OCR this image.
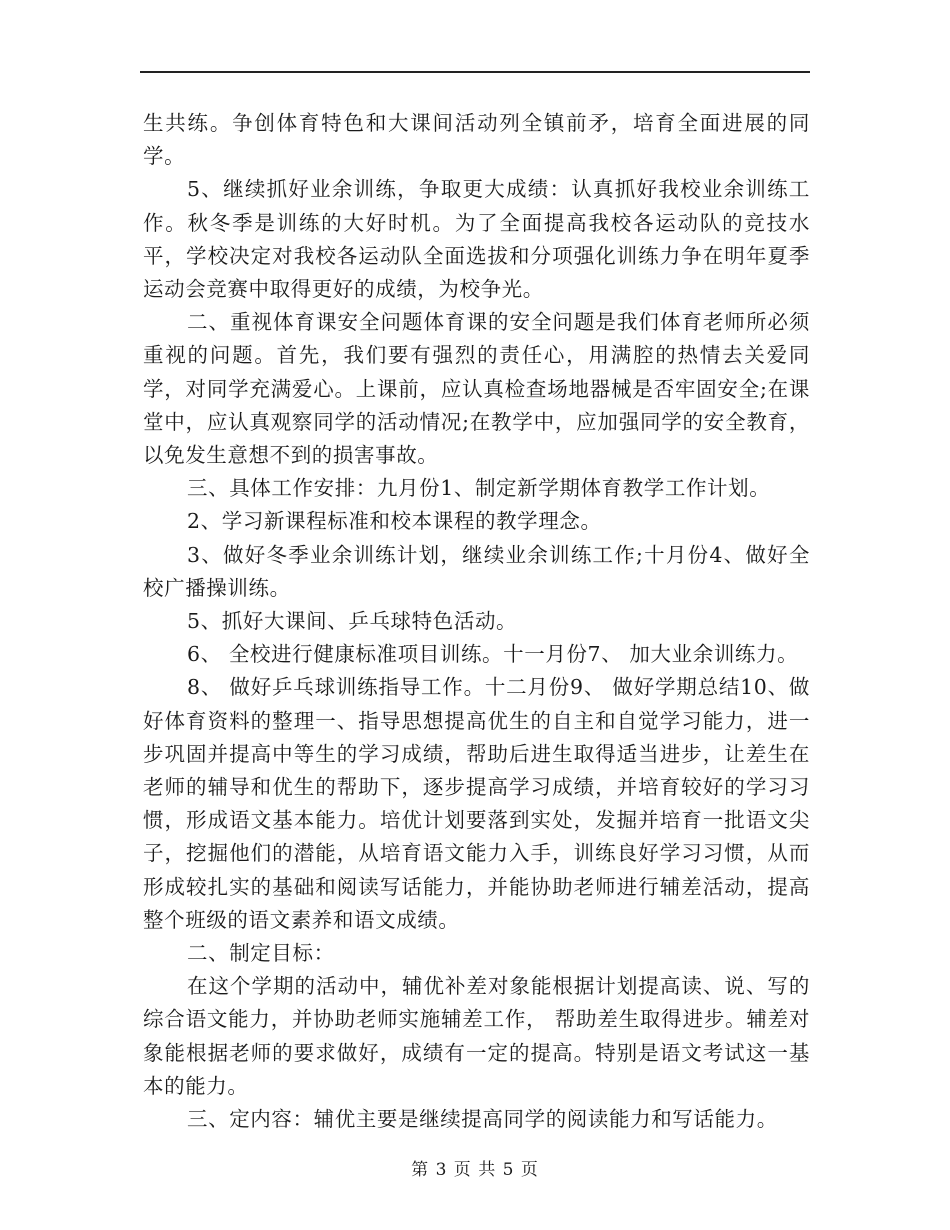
生共练。争创体育特色和大课间活动列全镇前矛，培育全面进展的同学。

5、继续抓好业余训练，争取更大成绩：认真抓好我校业余训练工作。秋冬季是训练的大好时机。为了全面提高我校各运动队的竞技水平，学校决定对我校各运动队全面选拔和分项强化训练力争在明年夏季运动会竞赛中取得更好的成绩，为校争光。

二、重视体育课安全问题体育课的安全问题是我们体育老师所必须重视的问题。首先，我们要有强烈的责任心，用满腔的热情去关爱同学，对同学充满爱心。上课前，应认真检查场地器械是否牢固安全;在课堂中，应认真观察同学的活动情况;在教学中，应加强同学的安全教育，以免发生意想不到的损害事故。

三、具体工作安排：九月份1、制定新学期体育教学工作计划。

2、学习新课程标准和校本课程的教学理念。

3、做好冬季业余训练计划，继续业余训练工作;十月份4、做好全校广播操训练。

5、抓好大课间、乒乓球特色活动。

6、 全校进行健康标准项目训练。十一月份7、 加大业余训练力。

8、 做好乒乓球训练指导工作。十二月份9、 做好学期总结10、做好体育资料的整理一、指导思想提高优生的自主和自觉学习能力，进一步巩固并提高中等生的学习成绩，帮助后进生取得适当进步，让差生在老师的辅导和优生的帮助下，逐步提高学习成绩，并培育较好的学习习惯，形成语文基本能力。培优计划要落到实处，发掘并培育一批语文尖子，挖掘他们的潜能，从培育语文能力入手，训练良好学习习惯，从而形成较扎实的基础和阅读写话能力，并能协助老师进行辅差活动，提高整个班级的语文素养和语文成绩。

二、制定目标：

在这个学期的活动中，辅优补差对象能根据计划提高读、说、写的综合语文能力，并协助老师实施辅差工作， 帮助差生取得进步。辅差对象能根据老师的要求做好，成绩有一定的提高。特别是语文考试这一基本的能力。

三、定内容：辅优主要是继续提高同学的阅读能力和写话能力。

第 3 页 共 5 页
